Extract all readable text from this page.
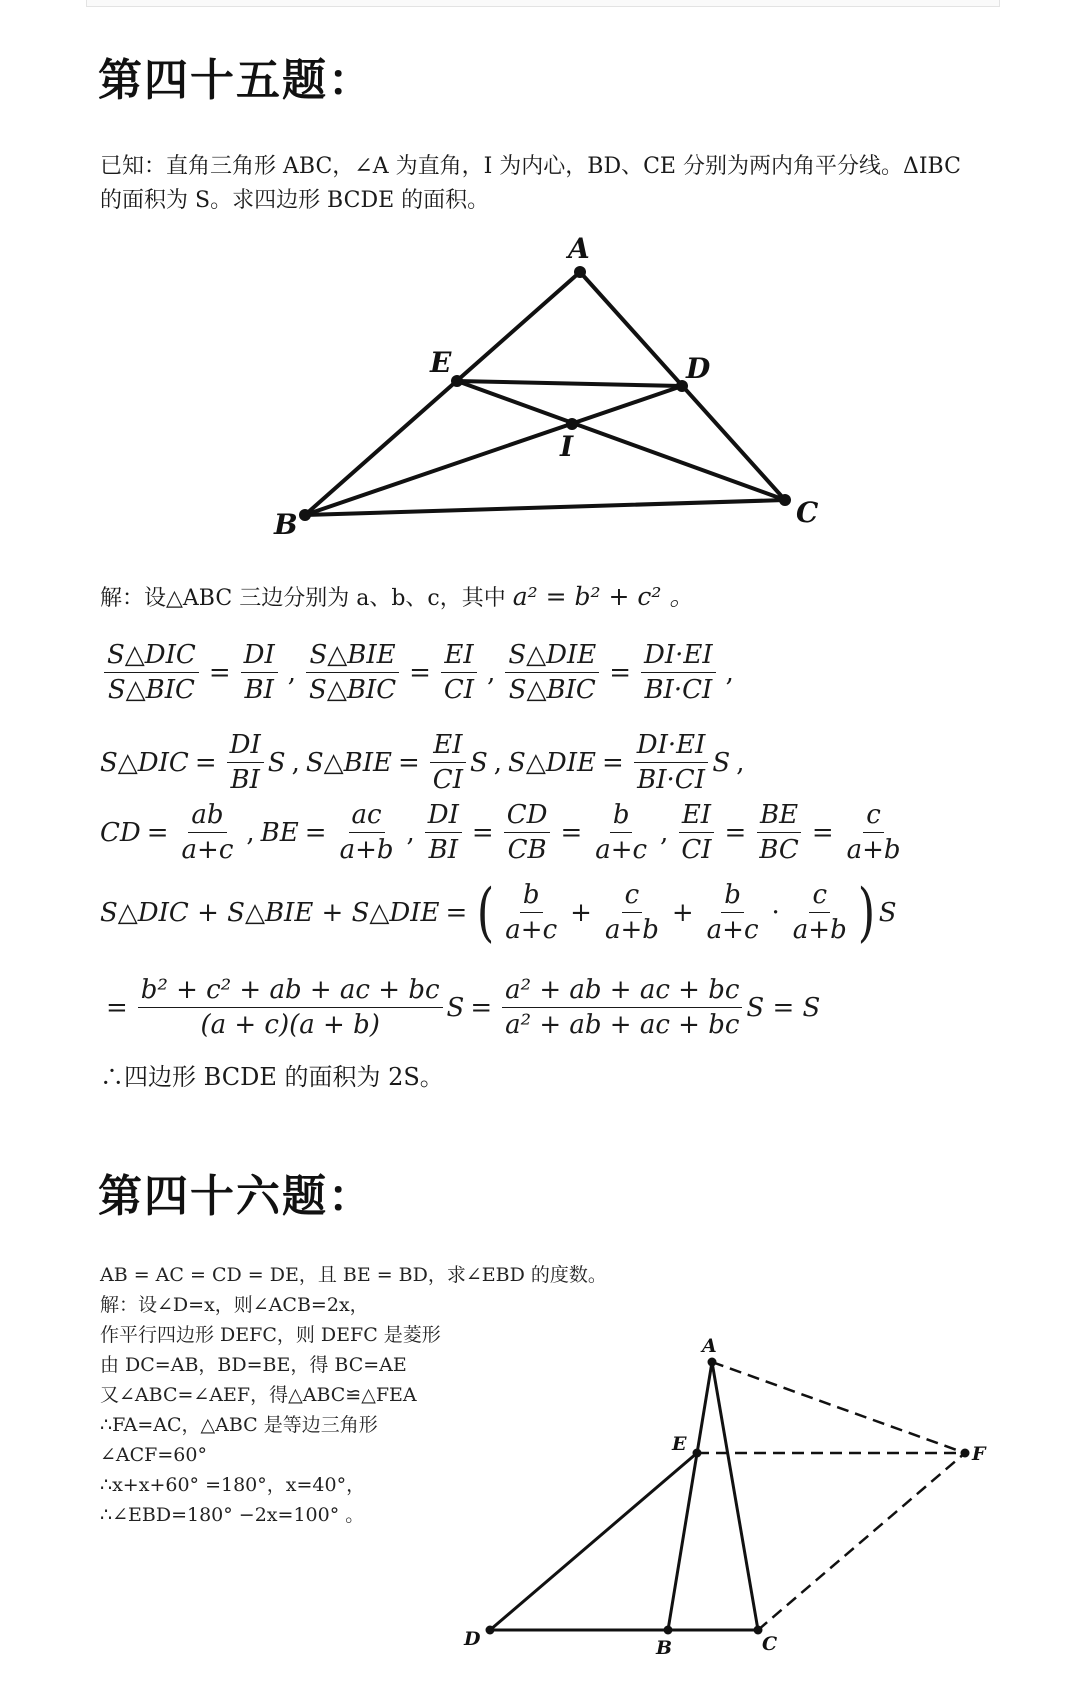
第四十五题：
已知：直角三角形 ABC，∠A 为直角，I 为内心，BD、CE 分别为两内角平分线。ΔIBC
的面积为 S。求四边形 BCDE 的面积。
A
B	C
D
E
I
解：设△ABC 三边分别为 a、b、c，其中 a² = b² + c² 。
$\frac{\text{S△DIC}}{\text{S△BIC}} = \frac{DI}{BI}$ , $\frac{\text{S△BIE}}{\text{S△BIC}} = \frac{EI}{CI}$ , $\frac{\text{S△DIE}}{\text{S△BIC}} = \frac{DI\cdot EI}{BI\cdot CI}$ ,
S△DIC = $\frac{DI}{BI}$ S , S△BIE = $\frac{EI}{CI}$ S , S△DIE = $\frac{DI\cdot EI}{BI\cdot CI}$ S ,
CD = $\frac{ab}{a+c}$ , BE = $\frac{ac}{a+b}$ , $\frac{DI}{BI} = \frac{CD}{CB} = \frac{b}{a+c}$ , $\frac{EI}{CI} = \frac{BE}{BC} = \frac{c}{a+b}$
S△DIC + S△BIE + S△DIE = ( $\frac{b}{a+c} + \frac{c}{a+b} + \frac{b}{a+c} \cdot \frac{c}{a+b}$ ) S
= $\frac{\text{b² + c² + ab + ac + bc}}{(a + c)(a + b)}$ $S = \frac{\text{a² + ab + ac + bc}}{\text{a² + ab + ac + bc}}$ S = S
∴四边形 BCDE 的面积为 2S。
第四十六题：
AB = AC = CD = DE，且 BE = BD，求∠EBD 的度数。
解：设∠D=x，则∠ACB=2x，
作平行四边形 DEFC，则 DEFC 是菱形
由 DC=AB，BD=BE，得 BC=AE
又∠ABC=∠AEF，得△ABC≌△FEA
∴FA=AC，△ABC 是等边三角形
∠ACF=60°
∴x+x+60° =180°，x=40°，
∴∠EBD=180° −2x=100° 。
A
E	F
D	B	C
